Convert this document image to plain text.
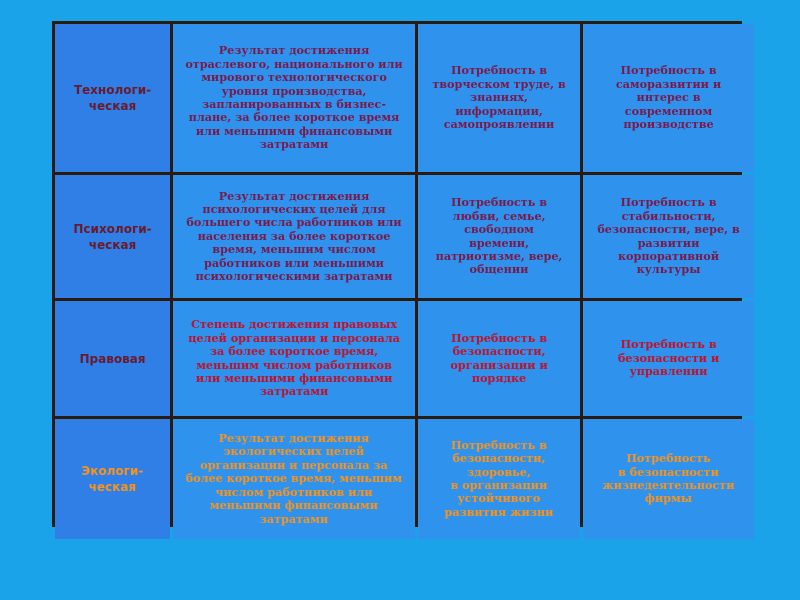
Технологи-
ческая
Результат достижения
отраслевого, национального или
мирового технологического
уровня производства,
запланированных в бизнес-
плане, за более короткое время
или меньшими финансовыми
затратами
Потребность в
творческом труде, в
знаниях,
информации,
самопроявлении
Потребность в
саморазвитии и
интерес в
современном
производстве
Психологи-
ческая
Результат достижения
психологических целей для
большего числа работников или
населения за более короткое
время, меньшим числом
работников или меньшими
психологическими затратами
Потребность в
любви, семье,
свободном
времени,
патриотизме, вере,
общении
Потребность в
стабильности,
безопасности, вере, в
развитии
корпоративной
культуры
Правовая
Степень достижения правовых
целей организации и персонала
за более короткое время,
меньшим числом работников
или меньшими финансовыми
затратами
Потребность в
безопасности,
организации и
порядке
Потребность в
безопасности и
управлении
Экологи-
ческая
Результат достижения
экологических целей
организации и персонала за
более короткое время, меньшим
числом работников или
меньшими финансовыми
затратами
Потребность в
безопасности,
здоровье,
в организации
устойчивого
развития жизни
Потребность
в безопасности
жизнедеятельности
фирмы
